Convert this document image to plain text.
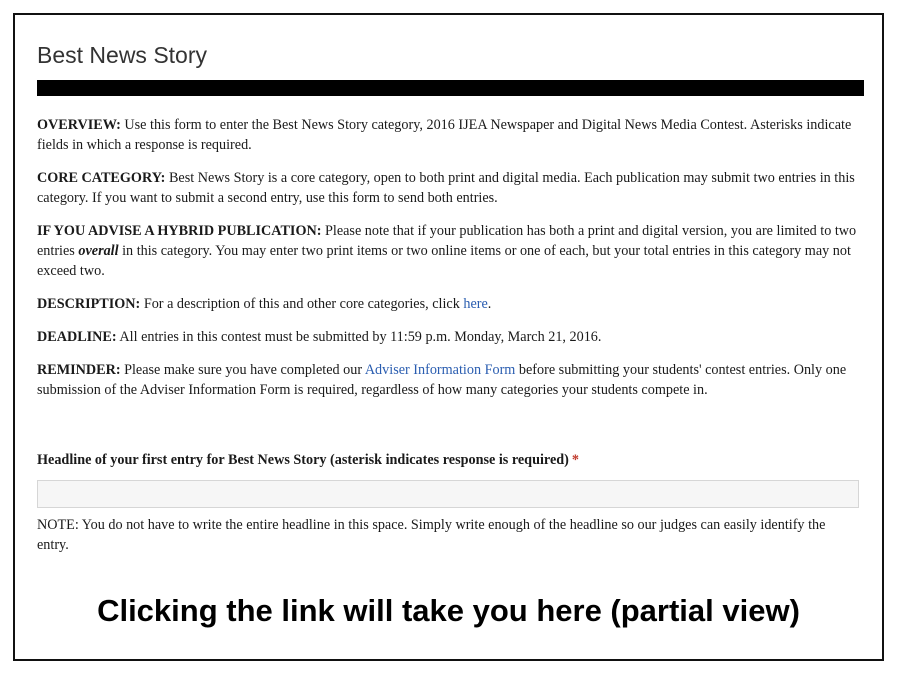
Best News Story

OVERVIEW: Use this form to enter the Best News Story category, 2016 IJEA Newspaper and Digital News Media Contest. Asterisks indicate fields in which a response is required.

CORE CATEGORY: Best News Story is a core category, open to both print and digital media. Each publication may submit two entries in this category. If you want to submit a second entry, use this form to send both entries.

IF YOU ADVISE A HYBRID PUBLICATION: Please note that if your publication has both a print and digital version, you are limited to two entries overall in this category. You may enter two print items or two online items or one of each, but your total entries in this category may not exceed two.

DESCRIPTION: For a description of this and other core categories, click here.

DEADLINE: All entries in this contest must be submitted by 11:59 p.m. Monday, March 21, 2016.

REMINDER: Please make sure you have completed our Adviser Information Form before submitting your students' contest entries. Only one submission of the Adviser Information Form is required, regardless of how many categories your students compete in.

Headline of your first entry for Best News Story (asterisk indicates response is required) *
NOTE: You do not have to write the entire headline in this space. Simply write enough of the headline so our judges can easily identify the entry.
Clicking the link will take you here (partial view)
